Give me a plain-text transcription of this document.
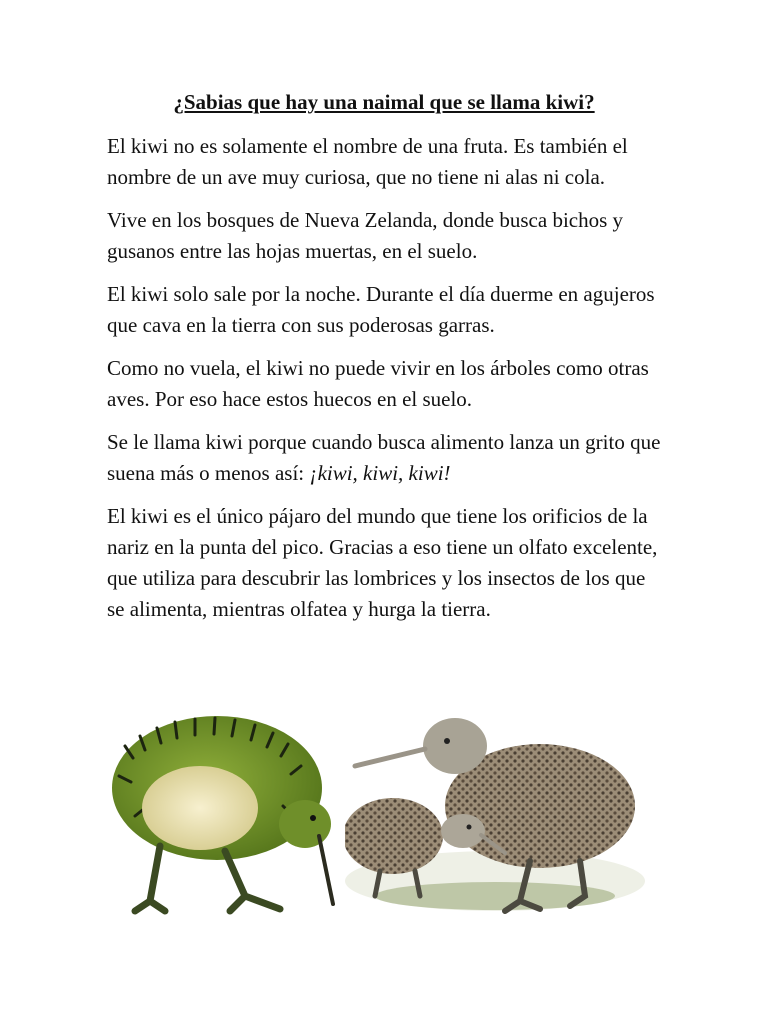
¿Sabias que hay una naimal que se llama kiwi?

El kiwi no es solamente el nombre de una fruta. Es también el nombre de un ave muy curiosa, que no tiene ni alas ni cola.

Vive en los bosques de Nueva Zelanda, donde busca bichos y gusanos entre las hojas muertas, en el suelo.

El kiwi solo sale por la noche. Durante el día duerme en agujeros que cava en la tierra con sus poderosas garras.

Como no vuela, el kiwi no puede vivir en los árboles como otras aves. Por eso hace estos huecos en el suelo.

Se le llama kiwi porque cuando busca alimento lanza un grito que suena más o menos así: ¡kiwi, kiwi, kiwi!

El kiwi es el único pájaro del mundo que tiene los orificios de la nariz en la punta del pico. Gracias a eso tiene un olfato excelente, que utiliza para descubrir las lombrices y los insectos de los que se alimenta, mientras olfatea y hurga la tierra.
